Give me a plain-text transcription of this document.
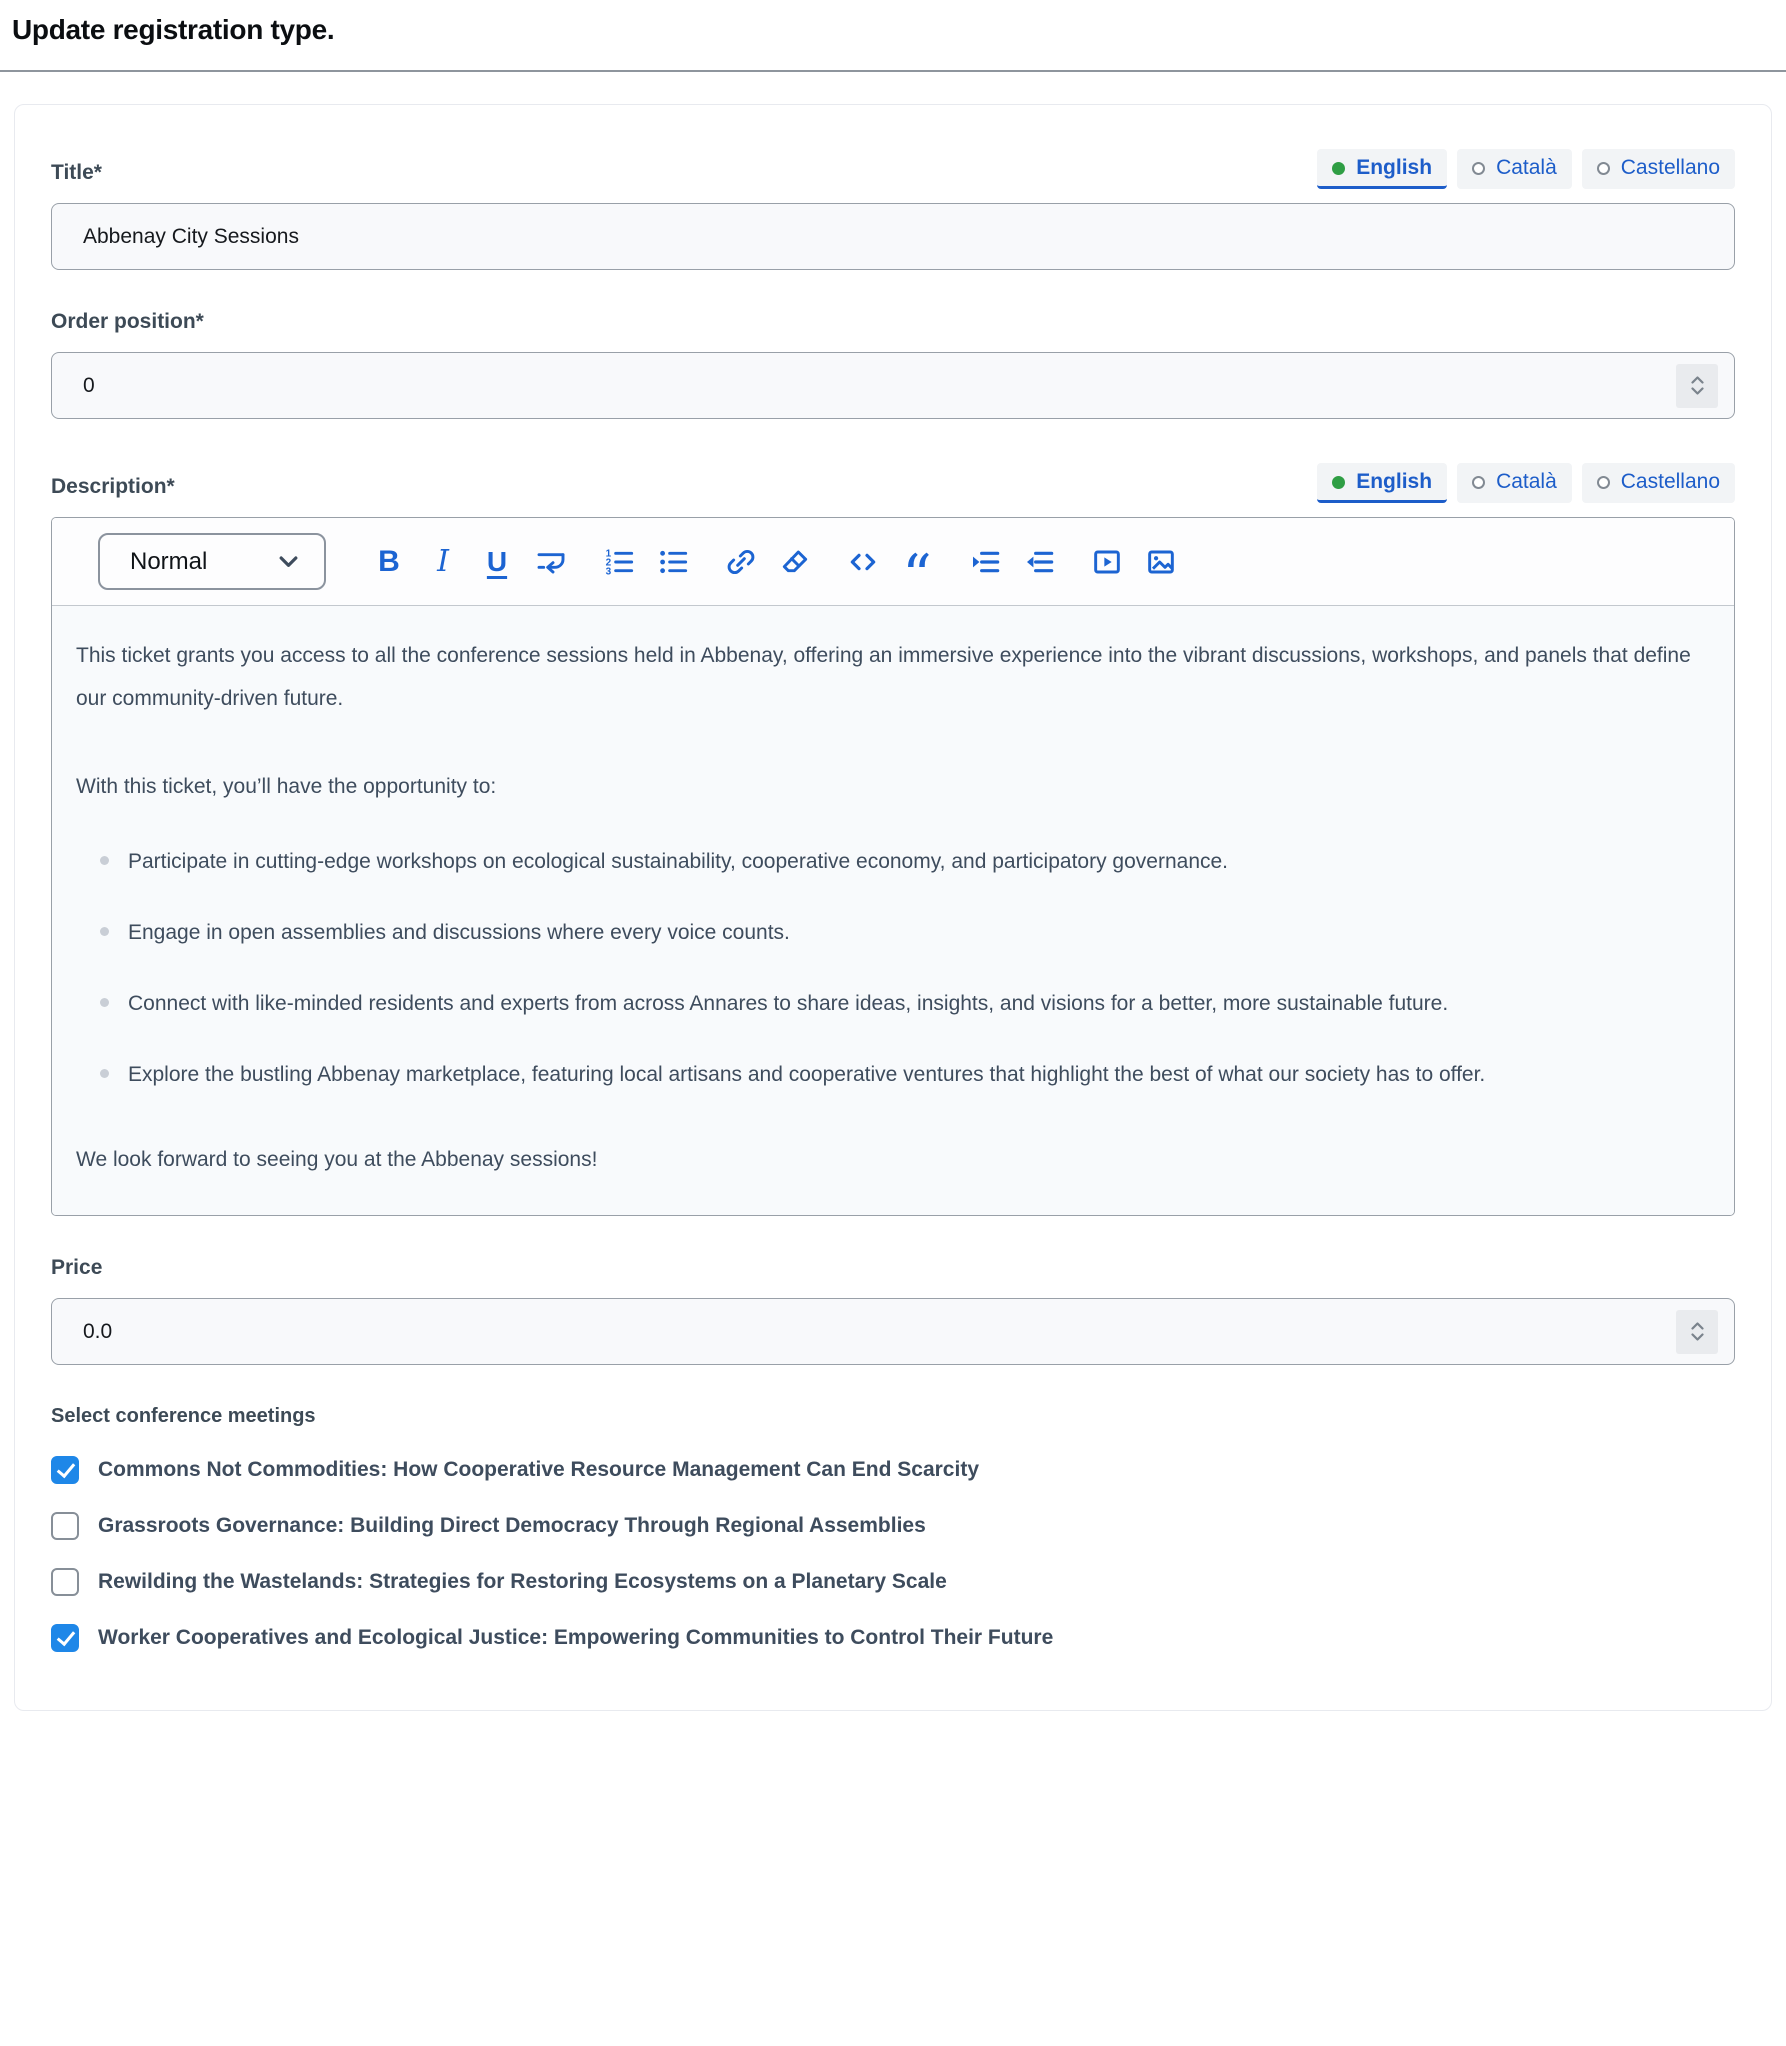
Update registration type.
Title*	English	Català	Castellano
Abbenay City Sessions
Order position*
0
Description*	English	Català	Castellano
Normal	B	I	U	1
2
3	“

This ticket grants you access to all the conference sessions held in Abbenay, offering an immersive experience into the vibrant discussions, workshops, and panels that define our community-driven future.

With this ticket, you’ll have the opportunity to:

Participate in cutting-edge workshops on ecological sustainability, cooperative economy, and participatory governance.
Engage in open assemblies and discussions where every voice counts.
Connect with like-minded residents and experts from across Annares to share ideas, insights, and visions for a better, more sustainable future.
Explore the bustling Abbenay marketplace, featuring local artisans and cooperative ventures that highlight the best of what our society has to offer.

We look forward to seeing you at the Abbenay sessions!

Price
0.0
Select conference meetings
Commons Not Commodities: How Cooperative Resource Management Can End Scarcity
Grassroots Governance: Building Direct Democracy Through Regional Assemblies
Rewilding the Wastelands: Strategies for Restoring Ecosystems on a Planetary Scale
Worker Cooperatives and Ecological Justice: Empowering Communities to Control Their Future
